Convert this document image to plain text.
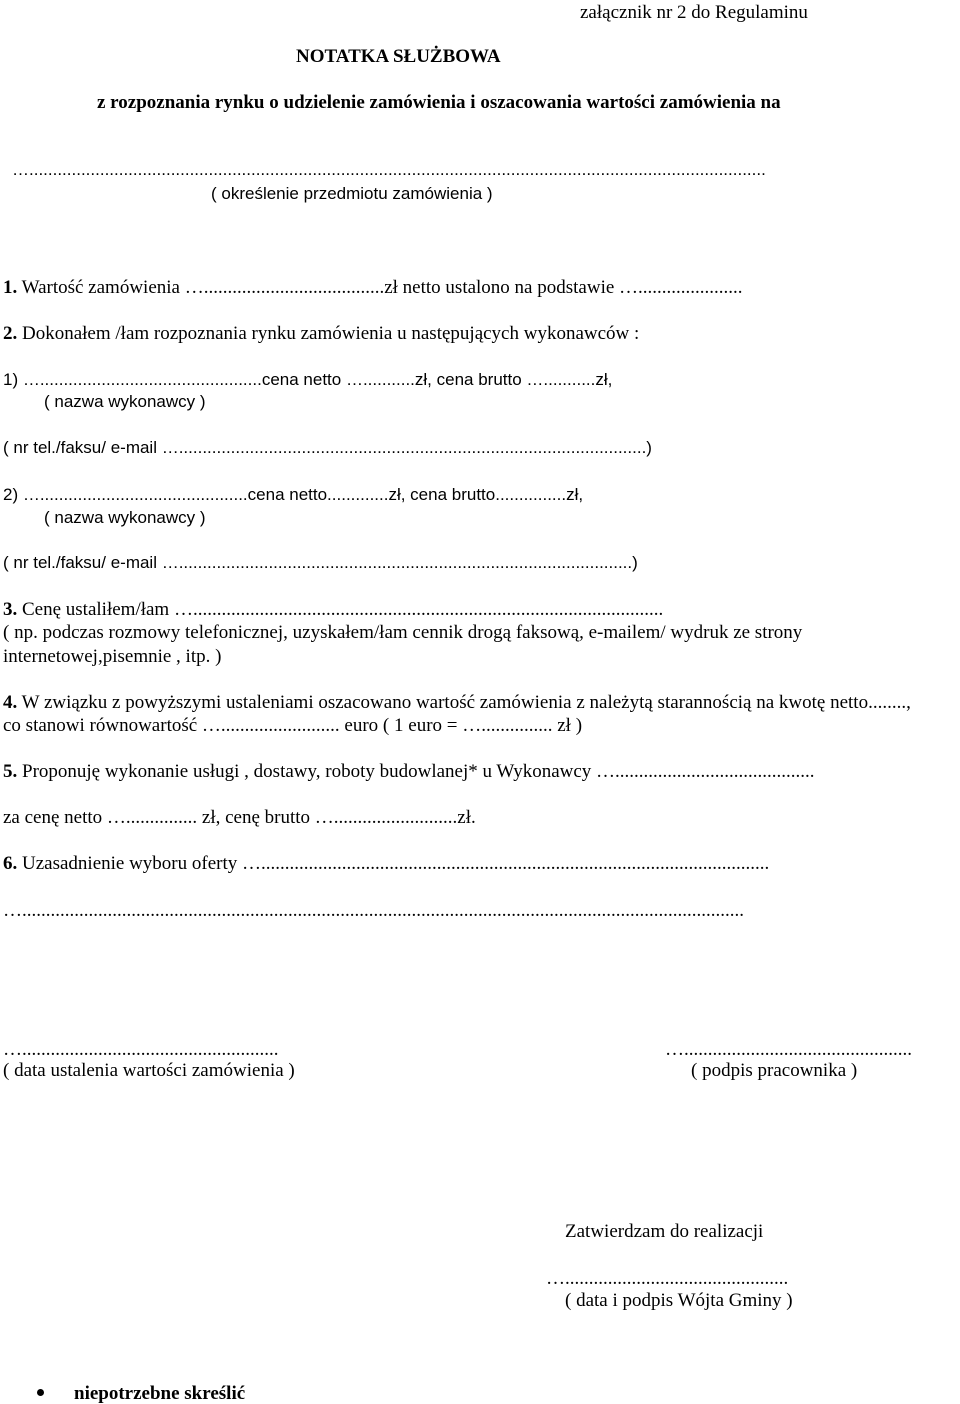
załącznik nr 2 do Regulaminu
NOTATKA SŁUŻBOWA
z rozpoznania rynku o udzielenie zamówienia i oszacowania wartości zamówienia na
…............................................................................................................................................................
( określenie przedmiotu zamówienia )
1. Wartość zamówienia …......................................zł netto ustalono na podstawie …......................
2. Dokonałem /łam rozpoznania rynku zamówienia u następujących wykonawców :
1) …...............................................cena netto …...........zł, cena brutto …...........zł,
( nazwa wykonawcy )
( nr tel./faksu/ e-mail …...................................................................................................)
2) …............................................cena netto.............zł, cena brutto...............zł,
( nazwa wykonawcy )
( nr tel./faksu/ e-mail …................................................................................................)
3. Cenę ustaliłem/łam …...................................................................................................
( np. podczas rozmowy telefonicznej, uzyskałem/łam cennik drogą faksową, e-mailem/ wydruk ze strony
internetowej,pisemnie , itp. )
4. W związku z powyższymi ustaleniami oszacowano wartość zamówienia z należytą starannością na kwotę netto........,
co stanowi równowartość …......................... euro ( 1 euro = …............... zł )
5. Proponuję wykonanie usługi , dostawy, roboty budowlanej* u Wykonawcy …..........................................
za cenę netto …............... zł, cenę brutto …..........................zł.
6. Uzasadnienie wyboru oferty …...........................................................................................................
…........................................................................................................................................................
…......................................................
( data ustalenia wartości zamówienia )
…................................................
( podpis pracownika )
Zatwierdzam do realizacji
…...............................................
( data i podpis Wójta Gminy )
niepotrzebne skreślić
